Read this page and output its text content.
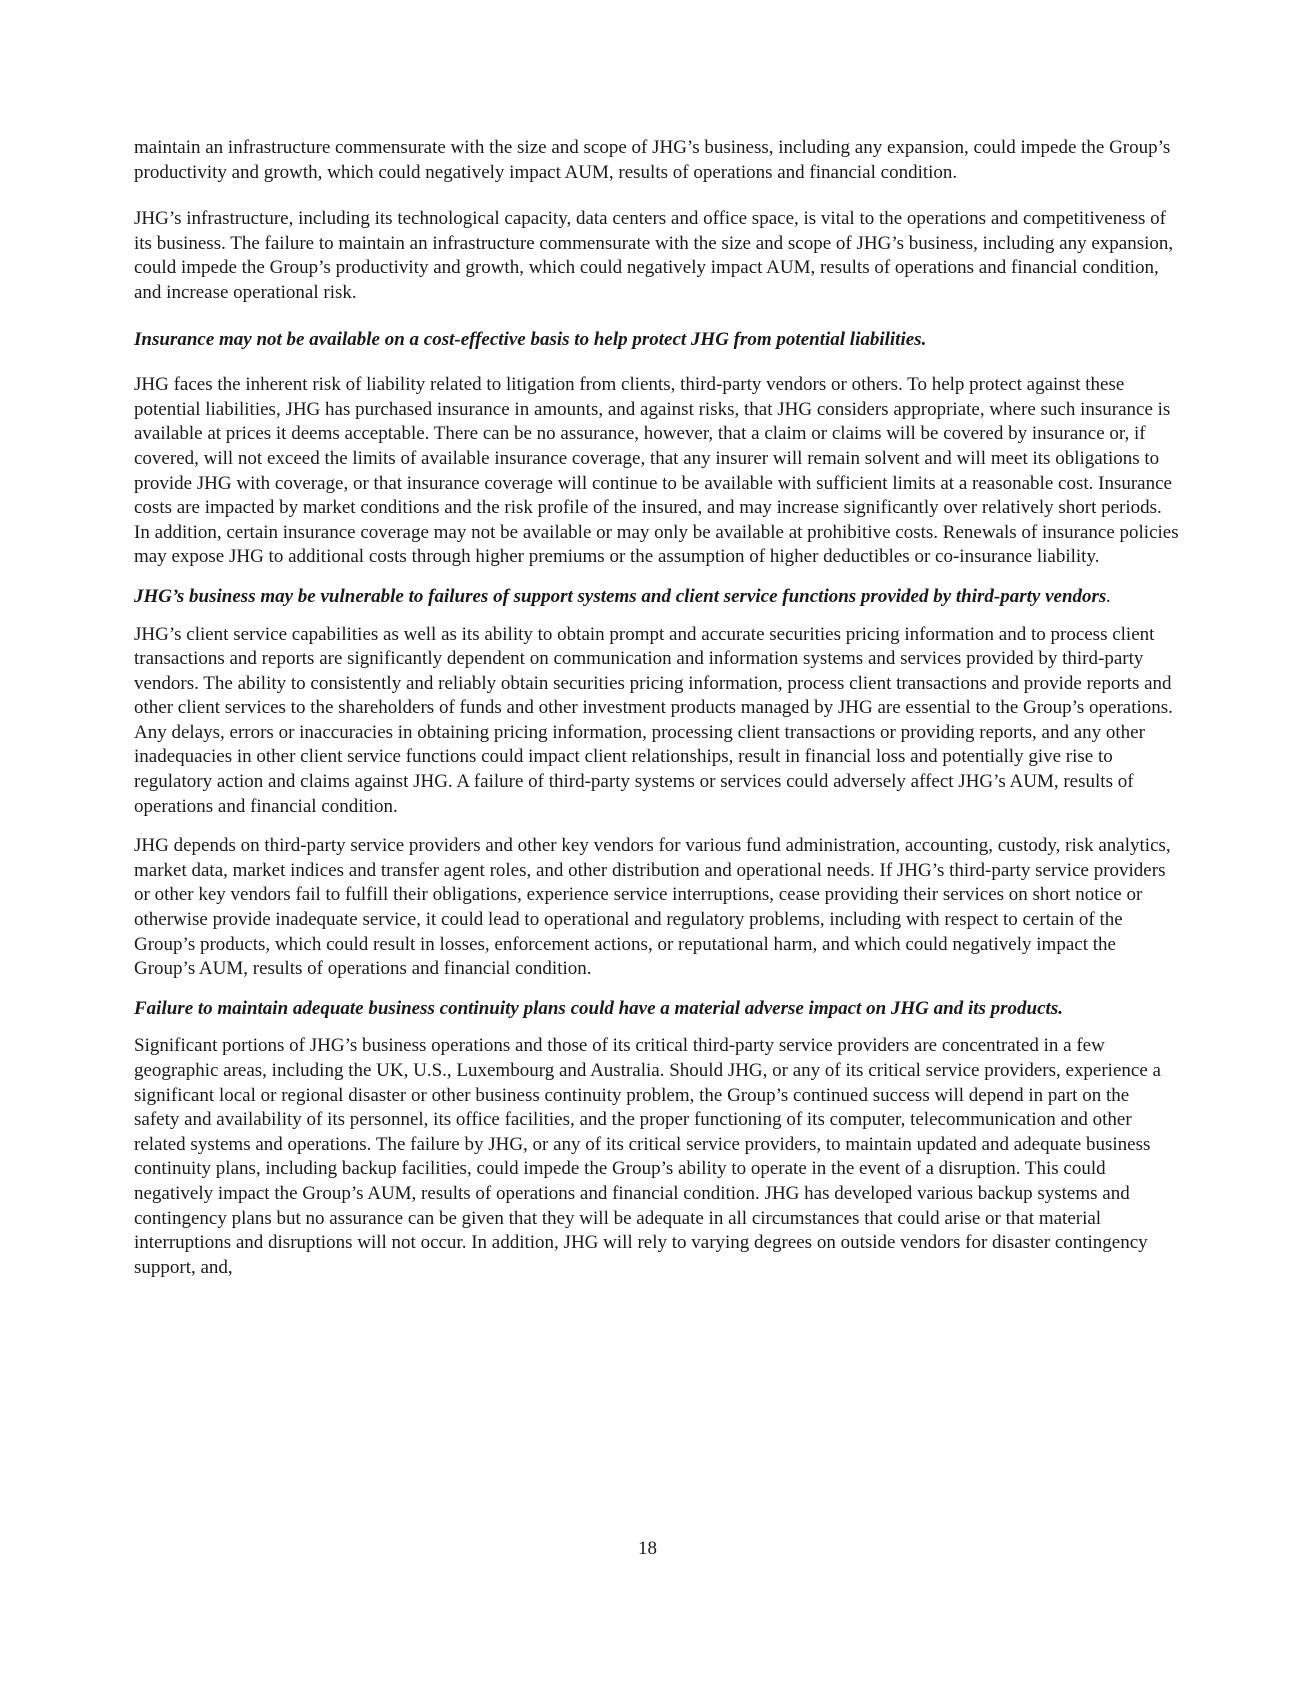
maintain an infrastructure commensurate with the size and scope of JHG’s business, including any expansion, could impede the Group’s productivity and growth, which could negatively impact AUM, results of operations and financial condition.

JHG’s infrastructure, including its technological capacity, data centers and office space, is vital to the operations and competitiveness of its business. The failure to maintain an infrastructure commensurate with the size and scope of JHG’s business, including any expansion, could impede the Group’s productivity and growth, which could negatively impact AUM, results of operations and financial condition, and increase operational risk.

Insurance may not be available on a cost-effective basis to help protect JHG from potential liabilities.

JHG faces the inherent risk of liability related to litigation from clients, third-party vendors or others. To help protect against these potential liabilities, JHG has purchased insurance in amounts, and against risks, that JHG considers appropriate, where such insurance is available at prices it deems acceptable. There can be no assurance, however, that a claim or claims will be covered by insurance or, if covered, will not exceed the limits of available insurance coverage, that any insurer will remain solvent and will meet its obligations to provide JHG with coverage, or that insurance coverage will continue to be available with sufficient limits at a reasonable cost. Insurance costs are impacted by market conditions and the risk profile of the insured, and may increase significantly over relatively short periods. In addition, certain insurance coverage may not be available or may only be available at prohibitive costs. Renewals of insurance policies may expose JHG to additional costs through higher premiums or the assumption of higher deductibles or co-insurance liability.

JHG’s business may be vulnerable to failures of support systems and client service functions provided by third-party vendors.

JHG’s client service capabilities as well as its ability to obtain prompt and accurate securities pricing information and to process client transactions and reports are significantly dependent on communication and information systems and services provided by third-party vendors. The ability to consistently and reliably obtain securities pricing information, process client transactions and provide reports and other client services to the shareholders of funds and other investment products managed by JHG are essential to the Group’s operations. Any delays, errors or inaccuracies in obtaining pricing information, processing client transactions or providing reports, and any other inadequacies in other client service functions could impact client relationships, result in financial loss and potentially give rise to regulatory action and claims against JHG. A failure of third-party systems or services could adversely affect JHG’s AUM, results of operations and financial condition.

JHG depends on third-party service providers and other key vendors for various fund administration, accounting, custody, risk analytics, market data, market indices and transfer agent roles, and other distribution and operational needs. If JHG’s third-party service providers or other key vendors fail to fulfill their obligations, experience service interruptions, cease providing their services on short notice or otherwise provide inadequate service, it could lead to operational and regulatory problems, including with respect to certain of the Group’s products, which could result in losses, enforcement actions, or reputational harm, and which could negatively impact the Group’s AUM, results of operations and financial condition.

Failure to maintain adequate business continuity plans could have a material adverse impact on JHG and its products.

Significant portions of JHG’s business operations and those of its critical third-party service providers are concentrated in a few geographic areas, including the UK, U.S., Luxembourg and Australia. Should JHG, or any of its critical service providers, experience a significant local or regional disaster or other business continuity problem, the Group’s continued success will depend in part on the safety and availability of its personnel, its office facilities, and the proper functioning of its computer, telecommunication and other related systems and operations. The failure by JHG, or any of its critical service providers, to maintain updated and adequate business continuity plans, including backup facilities, could impede the Group’s ability to operate in the event of a disruption. This could negatively impact the Group’s AUM, results of operations and financial condition. JHG has developed various backup systems and contingency plans but no assurance can be given that they will be adequate in all circumstances that could arise or that material interruptions and disruptions will not occur. In addition, JHG will rely to varying degrees on outside vendors for disaster contingency support, and,

18
